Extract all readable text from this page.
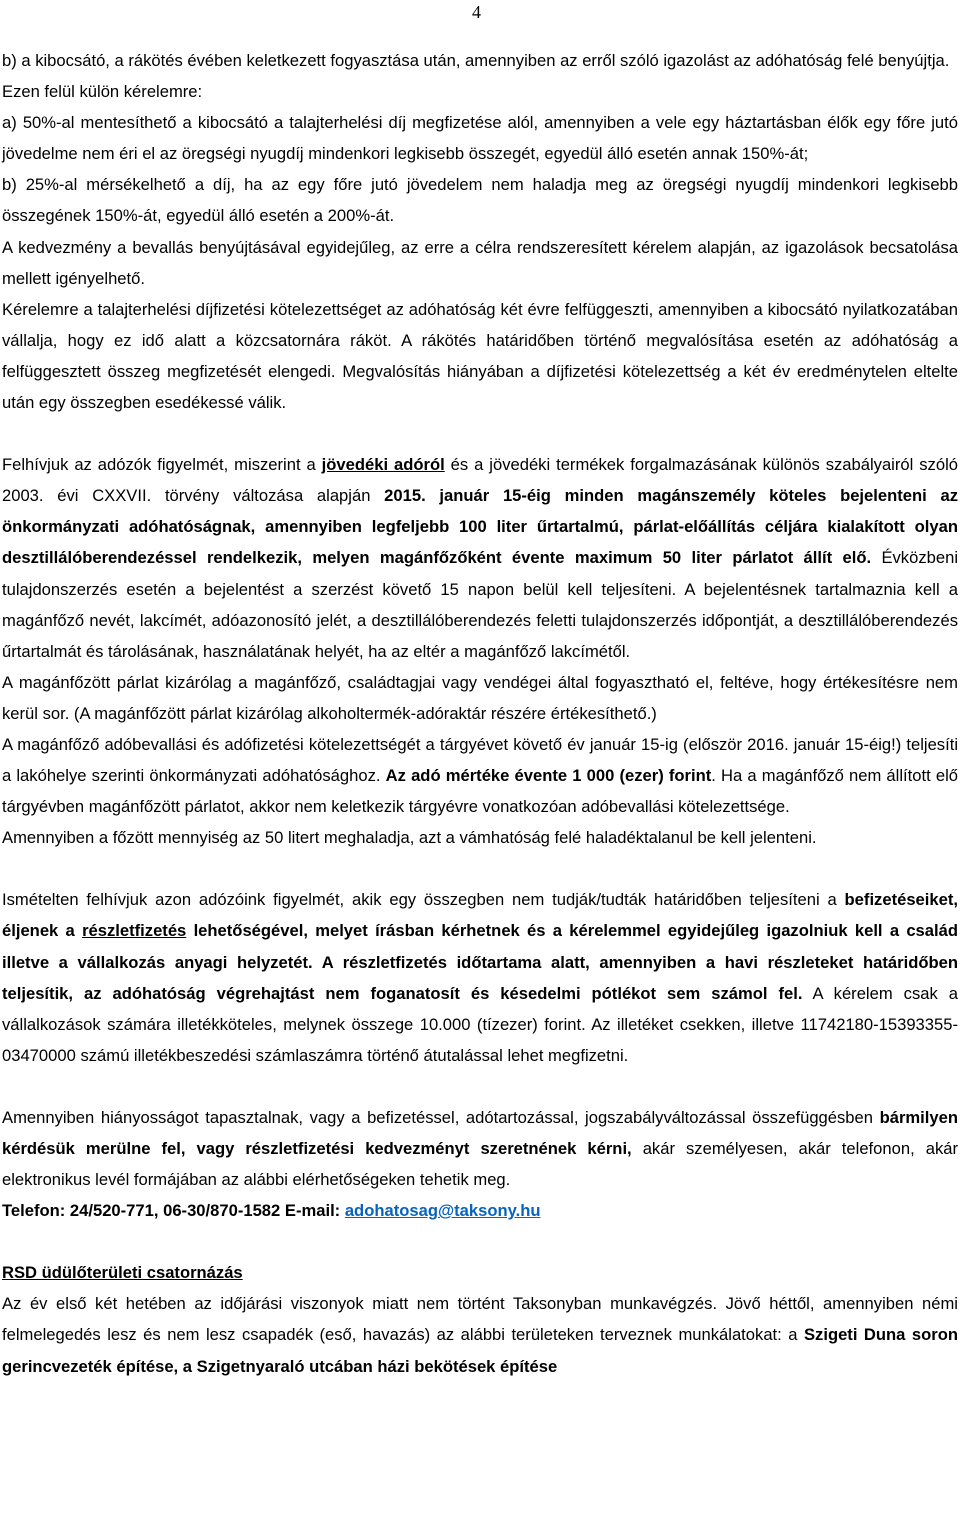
4

b) a kibocsátó, a rákötés évében keletkezett fogyasztása után, amennyiben az erről szóló igazolást az adóhatóság felé benyújtja.

Ezen felül külön kérelemre:

a) 50%-al mentesíthető a kibocsátó a talajterhelési díj megfizetése alól, amennyiben a vele egy háztartásban élők egy főre jutó jövedelme nem éri el az öregségi nyugdíj mindenkori legkisebb összegét, egyedül álló esetén annak 150%-át;

b) 25%-al mérsékelhető a díj, ha az egy főre jutó jövedelem nem haladja meg az öregségi nyugdíj mindenkori legkisebb összegének 150%-át, egyedül álló esetén a 200%-át.

A kedvezmény a bevallás benyújtásával egyidejűleg, az erre a célra rendszeresített kérelem alapján, az igazolások becsatolása mellett igényelhető.

Kérelemre a talajterhelési díjfizetési kötelezettséget az adóhatóság két évre felfüggeszti, amennyiben a kibocsátó nyilatkozatában vállalja, hogy ez idő alatt a közcsatornára ráköt. A rákötés határidőben történő megvalósítása esetén az adóhatóság a felfüggesztett összeg megfizetését elengedi. Megvalósítás hiányában a díjfizetési kötelezettség a két év eredménytelen eltelte után egy összegben esedékessé válik.

Felhívjuk az adózók figyelmét, miszerint a jövedéki adóról és a jövedéki termékek forgalmazásának különös szabályairól szóló 2003. évi CXXVII. törvény változása alapján 2015. január 15-éig minden magánszemély köteles bejelenteni az önkormányzati adóhatóságnak, amennyiben legfeljebb 100 liter űrtartalmú, párlat-előállítás céljára kialakított olyan desztillálóberendezéssel rendelkezik, melyen magánfőzőként évente maximum 50 liter párlatot állít elő. Évközbeni tulajdonszerzés esetén a bejelentést a szerzést követő 15 napon belül kell teljesíteni. A bejelentésnek tartalmaznia kell a magánfőző nevét, lakcímét, adóazonosító jelét, a desztillálóberendezés feletti tulajdonszerzés időpontját, a desztillálóberendezés űrtartalmát és tárolásának, használatának helyét, ha az eltér a magánfőző lakcímétől.

A magánfőzött párlat kizárólag a magánfőző, családtagjai vagy vendégei által fogyasztható el, feltéve, hogy értékesítésre nem kerül sor. (A magánfőzött párlat kizárólag alkoholtermék-adóraktár részére értékesíthető.)

A magánfőző adóbevallási és adófizetési kötelezettségét a tárgyévet követő év január 15-ig (először 2016. január 15-éig!) teljesíti a lakóhelye szerinti önkormányzati adóhatósághoz. Az adó mértéke évente 1 000 (ezer) forint. Ha a magánfőző nem állított elő tárgyévben magánfőzött párlatot, akkor nem keletkezik tárgyévre vonatkozóan adóbevallási kötelezettsége.

Amennyiben a főzött mennyiség az 50 litert meghaladja, azt a vámhatóság felé haladéktalanul be kell jelenteni.

Ismételten felhívjuk azon adózóink figyelmét, akik egy összegben nem tudják/tudták határidőben teljesíteni a befizetéseiket, éljenek a részletfizetés lehetőségével, melyet írásban kérhetnek és a kérelemmel egyidejűleg igazolniuk kell a család illetve a vállalkozás anyagi helyzetét. A részletfizetés időtartama alatt, amennyiben a havi részleteket határidőben teljesítik, az adóhatóság végrehajtást nem foganatosít és késedelmi pótlékot sem számol fel. A kérelem csak a vállalkozások számára illetékköteles, melynek összege 10.000 (tízezer) forint. Az illetéket csekken, illetve 11742180-15393355-03470000 számú illetékbeszedési számlaszámra történő átutalással lehet megfizetni.

Amennyiben hiányosságot tapasztalnak, vagy a befizetéssel, adótartozással, jogszabályváltozással összefüggésben bármilyen kérdésük merülne fel, vagy részletfizetési kedvezményt szeretnének kérni, akár személyesen, akár telefonon, akár elektronikus levél formájában az alábbi elérhetőségeken tehetik meg.

Telefon: 24/520-771, 06-30/870-1582 E-mail: adohatosag@taksony.hu

RSD üdülőterületi csatornázás

Az év első két hetében az időjárási viszonyok miatt nem történt Taksonyban munkavégzés. Jövő héttől, amennyiben némi felmelegedés lesz és nem lesz csapadék (eső, havazás) az alábbi területeken terveznek munkálatokat: a Szigeti Duna soron gerincvezeték építése, a Szigetnyaraló utcában házi bekötések építése
